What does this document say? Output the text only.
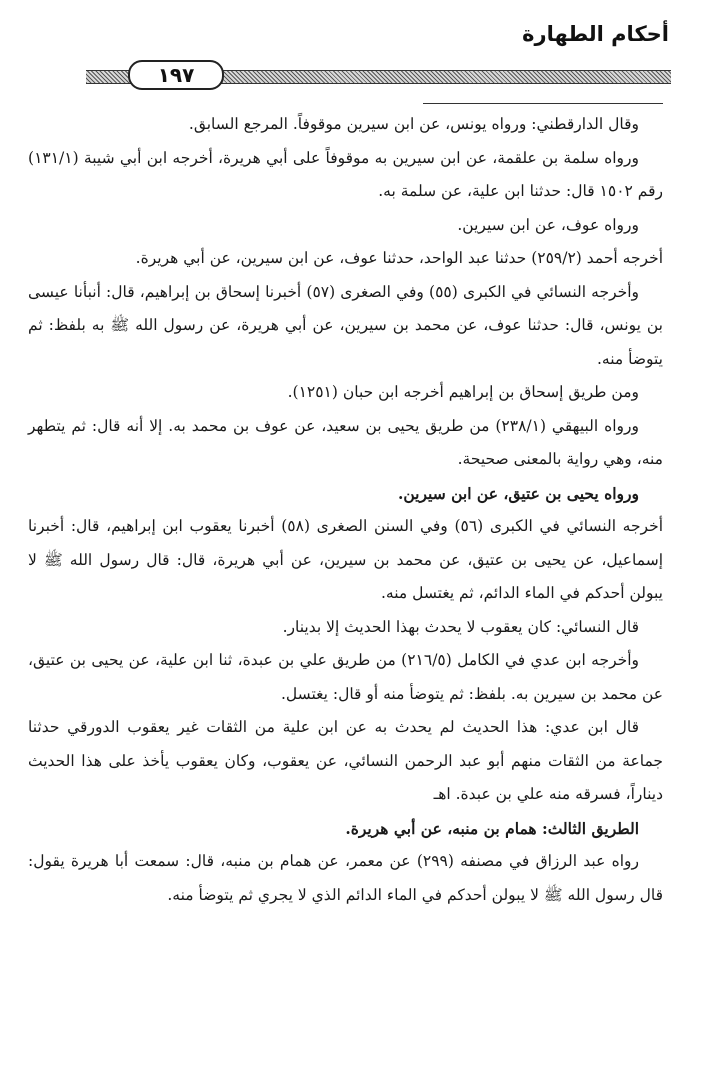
أحكام الطهارة
١٩٧

وقال الدارقطني: ورواه يونس، عن ابن سيرين موقوفاً. المرجع السابق.

ورواه سلمة بن علقمة، عن ابن سيرين به موقوفاً على أبي هريرة، أخرجه ابن أبي شيبة (١٣١/١) رقم ١٥٠٢ قال: حدثنا ابن علية، عن سلمة به.

ورواه عوف، عن ابن سيرين.

أخرجه أحمد (٢٥٩/٢) حدثنا عبد الواحد، حدثنا عوف، عن ابن سيرين، عن أبي هريرة.

وأخرجه النسائي في الكبرى (٥٥) وفي الصغرى (٥٧) أخبرنا إسحاق بن إبراهيم، قال: أنبأنا عيسى بن يونس، قال: حدثنا عوف، عن محمد بن سيرين، عن أبي هريرة، عن رسول الله ﷺ به بلفظ: ثم يتوضأ منه.

ومن طريق إسحاق بن إبراهيم أخرجه ابن حبان (١٢٥١).

ورواه البيهقي (٢٣٨/١) من طريق يحيى بن سعيد، عن عوف بن محمد به. إلا أنه قال: ثم يتطهر منه، وهي رواية بالمعنى صحيحة.

ورواه يحيى بن عتيق، عن ابن سيرين.

أخرجه النسائي في الكبرى (٥٦) وفي السنن الصغرى (٥٨) أخبرنا يعقوب ابن إبراهيم، قال: أخبرنا إسماعيل، عن يحيى بن عتيق، عن محمد بن سيرين، عن أبي هريرة، قال: قال رسول الله ﷺ لا يبولن أحدكم في الماء الدائم، ثم يغتسل منه.

قال النسائي: كان يعقوب لا يحدث بهذا الحديث إلا بدينار.

وأخرجه ابن عدي في الكامل (٢١٦/٥) من طريق علي بن عبدة، ثنا ابن علية، عن يحيى بن عتيق، عن محمد بن سيرين به. بلفظ: ثم يتوضأ منه أو قال: يغتسل.

قال ابن عدي: هذا الحديث لم يحدث به عن ابن علية من الثقات غير يعقوب الدورقي حدثنا جماعة من الثقات منهم أبو عبد الرحمن النسائي، عن يعقوب، وكان يعقوب يأخذ على هذا الحديث ديناراً، فسرقه منه علي بن عبدة. اهـ

الطريق الثالث: همام بن منبه، عن أبي هريرة.

رواه عبد الرزاق في مصنفه (٢٩٩) عن معمر، عن همام بن منبه، قال: سمعت أبا هريرة يقول: قال رسول الله ﷺ لا يبولن أحدكم في الماء الدائم الذي لا يجري ثم يتوضأ منه.
